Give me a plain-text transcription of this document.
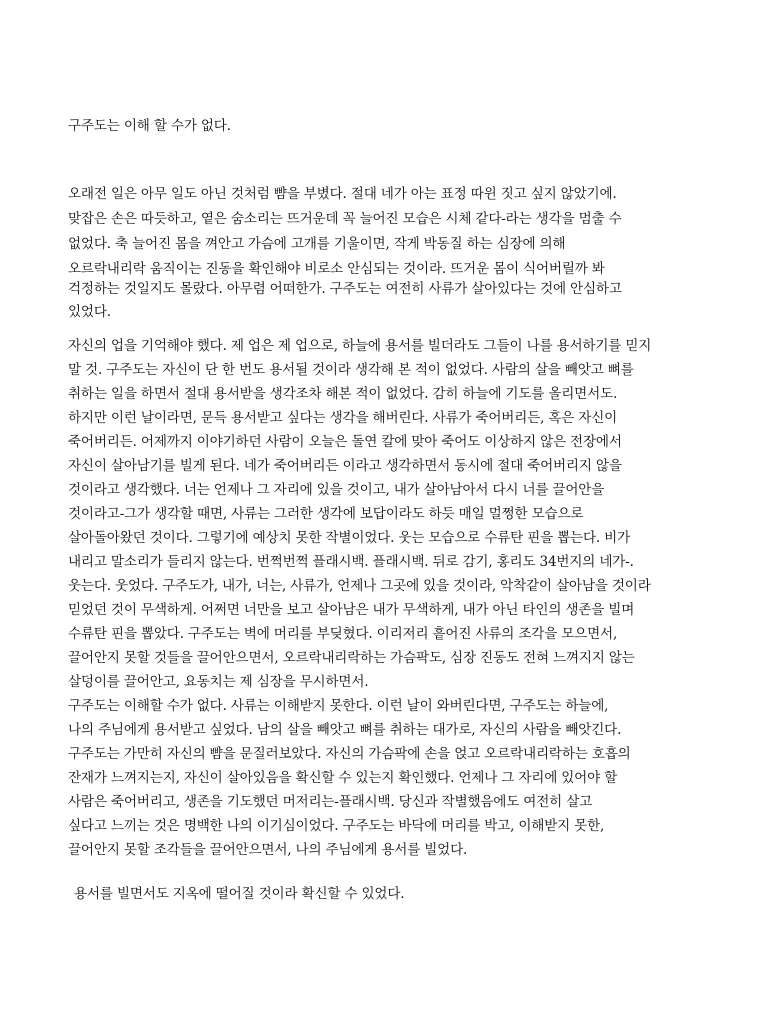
구주도는 이해 할 수가 없다.
오래전 일은 아무 일도 아닌 것처럼 뺨을 부볐다. 절대 네가 아는 표정 따윈 짓고 싶지 않았기에.
맞잡은 손은 따듯하고, 옅은 숨소리는 뜨거운데 꼭 늘어진 모습은 시체 같다-라는 생각을 멈출 수
없었다. 축 늘어진 몸을 껴안고 가슴에 고개를 기울이면, 작게 박동질 하는 심장에 의해
오르락내리락 움직이는 진동을 확인해야 비로소 안심되는 것이라. 뜨거운 몸이 식어버릴까 봐
걱정하는 것일지도 몰랐다. 아무렴 어떠한가. 구주도는 여전히 사류가 살아있다는 것에 안심하고
있었다.
자신의 업을 기억해야 했다. 제 업은 제 업으로, 하늘에 용서를 빌더라도 그들이 나를 용서하기를 믿지
말 것. 구주도는 자신이 단 한 번도 용서될 것이라 생각해 본 적이 없었다. 사람의 살을 빼앗고 뼈를
취하는 일을 하면서 절대 용서받을 생각조차 해본 적이 없었다. 감히 하늘에 기도를 올리면서도.
하지만 이런 날이라면, 문득 용서받고 싶다는 생각을 해버린다. 사류가 죽어버리든, 혹은 자신이
죽어버리든. 어제까지 이야기하던 사람이 오늘은 돌연 칼에 맞아 죽어도 이상하지 않은 전장에서
자신이 살아남기를 빌게 된다. 네가 죽어버리든 이라고 생각하면서 동시에 절대 죽어버리지 않을
것이라고 생각했다. 너는 언제나 그 자리에 있을 것이고, 내가 살아남아서 다시 너를 끌어안을
것이라고-그가 생각할 때면, 사류는 그러한 생각에 보답이라도 하듯 매일 멀쩡한 모습으로
살아돌아왔던 것이다. 그렇기에 예상치 못한 작별이었다. 웃는 모습으로 수류탄 핀을 뽑는다. 비가
내리고 말소리가 들리지 않는다. 번쩍번쩍 플래시백. 플래시백. 뒤로 감기, 홍리도 34번지의 네가-.
웃는다. 웃었다. 구주도가, 내가, 너는, 사류가, 언제나 그곳에 있을 것이라, 악착같이 살아남을 것이라
믿었던 것이 무색하게. 어쩌면 너만을 보고 살아남은 내가 무색하게, 내가 아닌 타인의 생존을 빌며
수류탄 핀을 뽑았다. 구주도는 벽에 머리를 부딪혔다. 이리저리 흩어진 사류의 조각을 모으면서,
끌어안지 못할 것들을 끌어안으면서, 오르락내리락하는 가슴팍도, 심장 진동도 전혀 느껴지지 않는
살덩이를 끌어안고, 요동치는 제 심장을 무시하면서.
구주도는 이해할 수가 없다. 사류는 이해받지 못한다. 이런 날이 와버린다면, 구주도는 하늘에,
나의 주님에게 용서받고 싶었다. 남의 살을 빼앗고 뼈를 취하는 대가로, 자신의 사람을 빼앗긴다.
구주도는 가만히 자신의 뺨을 문질러보았다. 자신의 가슴팍에 손을 얹고 오르락내리락하는 호흡의
잔재가 느껴지는지, 자신이 살아있음을 확신할 수 있는지 확인했다. 언제나 그 자리에 있어야 할
사람은 죽어버리고, 생존을 기도했던 머저리는-플래시백. 당신과 작별했음에도 여전히 살고
싶다고 느끼는 것은 명백한 나의 이기심이었다. 구주도는 바닥에 머리를 박고, 이해받지 못한,
끌어안지 못할 조각들을 끌어안으면서, 나의 주님에게 용서를 빌었다.
용서를 빌면서도 지옥에 떨어질 것이라 확신할 수 있었다.
